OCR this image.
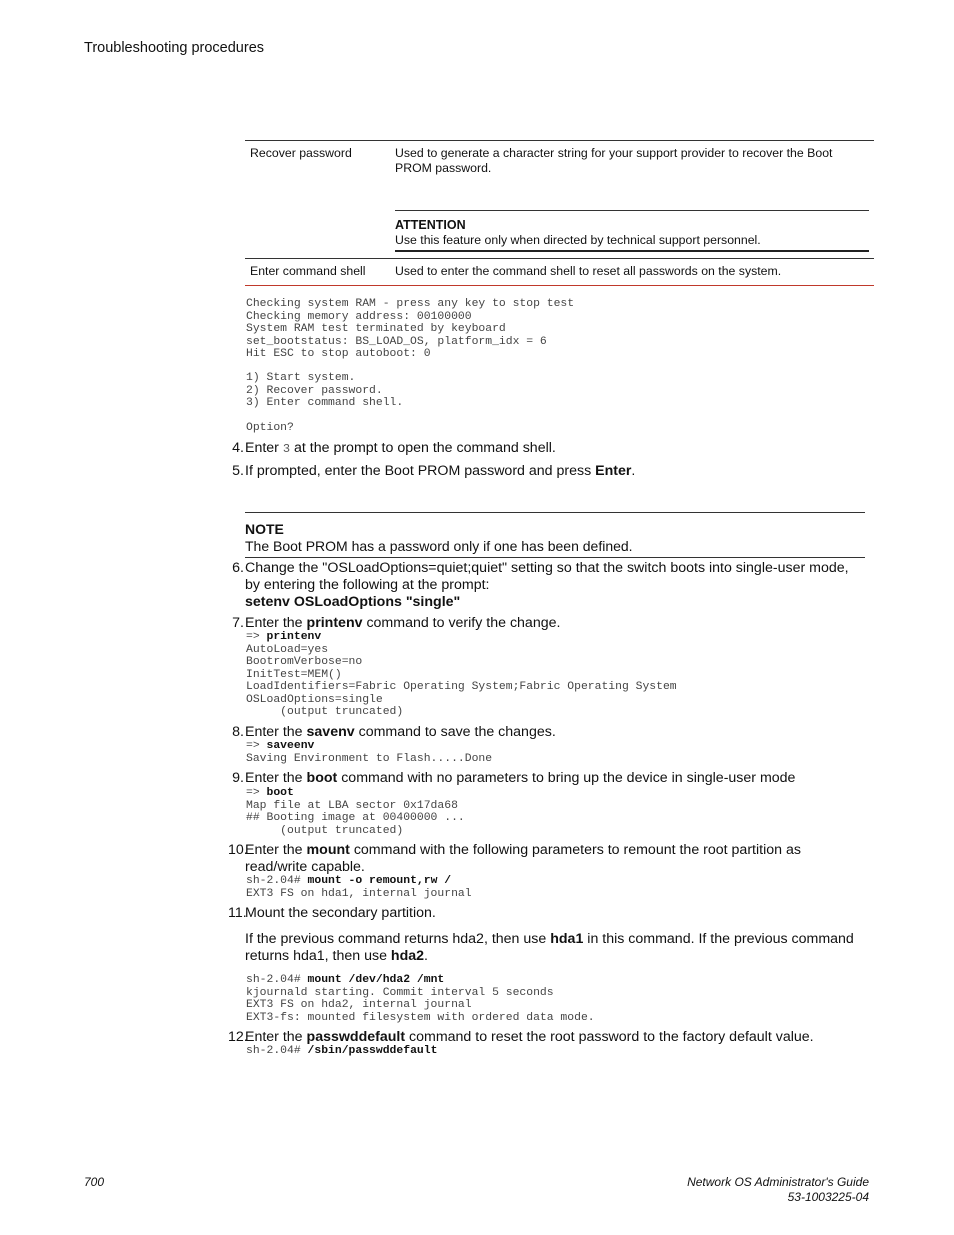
Troubleshooting procedures
Recover password	Used to generate a character string for your support provider to recover the Boot PROM password.
ATTENTION
Use this feature only when directed by technical support personnel.
Enter command shell	Used to enter the command shell to reset all passwords on the system.
Checking system RAM - press any key to stop test
Checking memory address: 00100000
System RAM test terminated by keyboard
set_bootstatus: BS_LOAD_OS, platform_idx = 6
Hit ESC to stop autoboot: 0
1) Start system.
2) Recover password.
3) Enter command shell.
Option?
4. Enter 3 at the prompt to open the command shell.
5. If prompted, enter the Boot PROM password and press Enter.
NOTE
The Boot PROM has a password only if one has been defined.
6. Change the "OSLoadOptions=quiet;quiet" setting so that the switch boots into single-user mode, by entering the following at the prompt:
setenv OSLoadOptions "single"
7. Enter the printenv command to verify the change.
=> printenv
AutoLoad=yes
BootromVerbose=no
InitTest=MEM()
LoadIdentifiers=Fabric Operating System;Fabric Operating System
OSLoadOptions=single
(output truncated)
8. Enter the savenv command to save the changes.
=> saveenv
Saving Environment to Flash.....Done
9. Enter the boot command with no parameters to bring up the device in single-user mode
=> boot
Map file at LBA sector 0x17da68
## Booting image at 00400000 ...
(output truncated)
10.
Enter the mount command with the following parameters to remount the root partition as read/write capable.
sh-2.04# mount -o remount,rw /
EXT3 FS on hda1, internal journal
11.
Mount the secondary partition.
If the previous command returns hda2, then use hda1 in this command. If the previous command returns hda1, then use hda2.
sh-2.04# mount /dev/hda2 /mnt
kjournald starting. Commit interval 5 seconds
EXT3 FS on hda2, internal journal
EXT3-fs: mounted filesystem with ordered data mode.
12.
Enter the passwddefault command to reset the root password to the factory default value.
sh-2.04# /sbin/passwddefault
700	Network OS Administrator's Guide
53-1003225-04
